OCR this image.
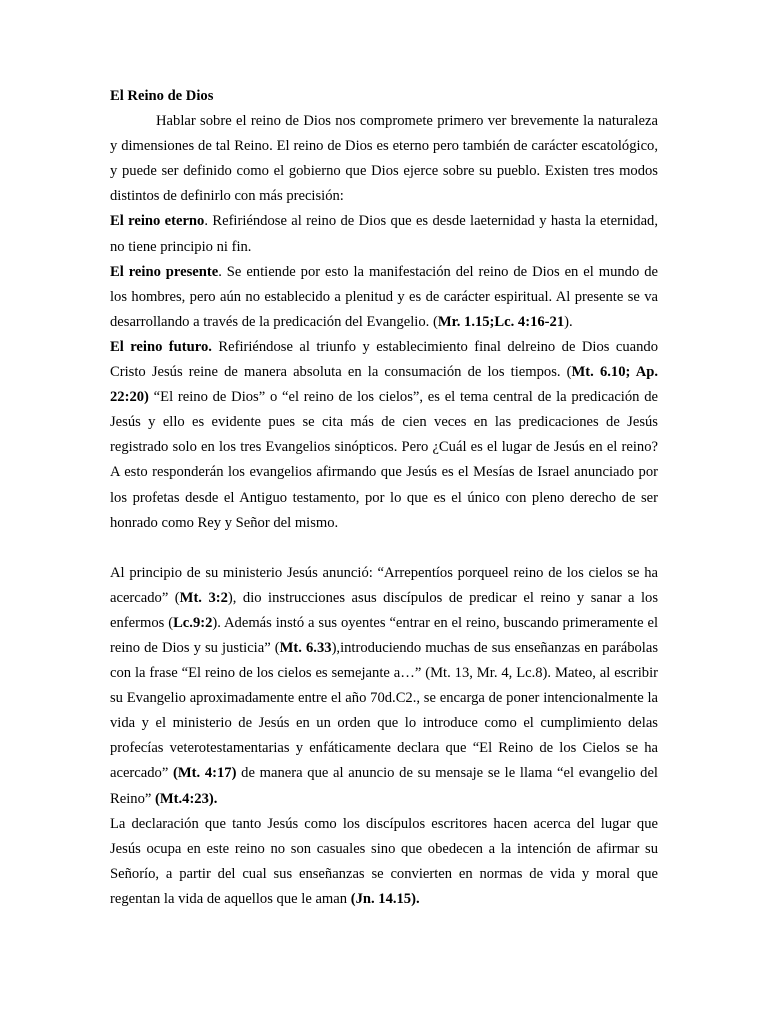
El Reino de Dios

Hablar sobre el reino de Dios nos compromete primero ver brevemente la naturaleza y dimensiones de tal Reino. El reino de Dios es eterno pero también de carácter escatológico, y puede ser definido como el gobierno que Dios ejerce sobre su pueblo. Existen tres modos distintos de definirlo con más precisión:

El reino eterno. Refiriéndose al reino de Dios que es desde laeternidad y hasta la eternidad, no tiene principio ni fin.

El reino presente. Se entiende por esto la manifestación del reino de Dios en el mundo de los hombres, pero aún no establecido a plenitud y es de carácter espiritual. Al presente se va desarrollando a través de la predicación del Evangelio. (Mr. 1.15;Lc. 4:16-21).

El reino futuro. Refiriéndose al triunfo y establecimiento final delreino de Dios cuando Cristo Jesús reine de manera absoluta en la consumación de los tiempos. (Mt. 6.10; Ap. 22:20) “El reino de Dios” o “el reino de los cielos”, es el tema central de la predicación de Jesús y ello es evidente pues se cita más de cien veces en las predicaciones de Jesús registrado solo en los tres Evangelios sinópticos. Pero ¿Cuál es el lugar de Jesús en el reino? A esto responderán los evangelios afirmando que Jesús es el Mesías de Israel anunciado por los profetas desde el Antiguo testamento, por lo que es el único con pleno derecho de ser honrado como Rey y Señor del mismo.

Al principio de su ministerio Jesús anunció: “Arrepentíos porqueel reino de los cielos se ha acercado” (Mt. 3:2), dio instrucciones asus discípulos de predicar el reino y sanar a los enfermos (Lc.9:2). Además instó a sus oyentes “entrar en el reino, buscando primeramente el reino de Dios y su justicia” (Mt. 6.33),introduciendo muchas de sus enseñanzas en parábolas con la frase “El reino de los cielos es semejante a…” (Mt. 13, Mr. 4, Lc.8). Mateo, al escribir su Evangelio aproximadamente entre el año 70d.C2., se encarga de poner intencionalmente la vida y el ministerio de Jesús en un orden que lo introduce como el cumplimiento delas profecías veterotestamentarias y enfáticamente declara que “El Reino de los Cielos se ha acercado” (Mt. 4:17) de manera que al anuncio de su mensaje se le llama “el evangelio del Reino” (Mt.4:23).

La declaración que tanto Jesús como los discípulos escritores hacen acerca del lugar que Jesús ocupa en este reino no son casuales sino que obedecen a la intención de afirmar su Señorío, a partir del cual sus enseñanzas se convierten en normas de vida y moral que regentan la vida de aquellos que le aman (Jn. 14.15).
